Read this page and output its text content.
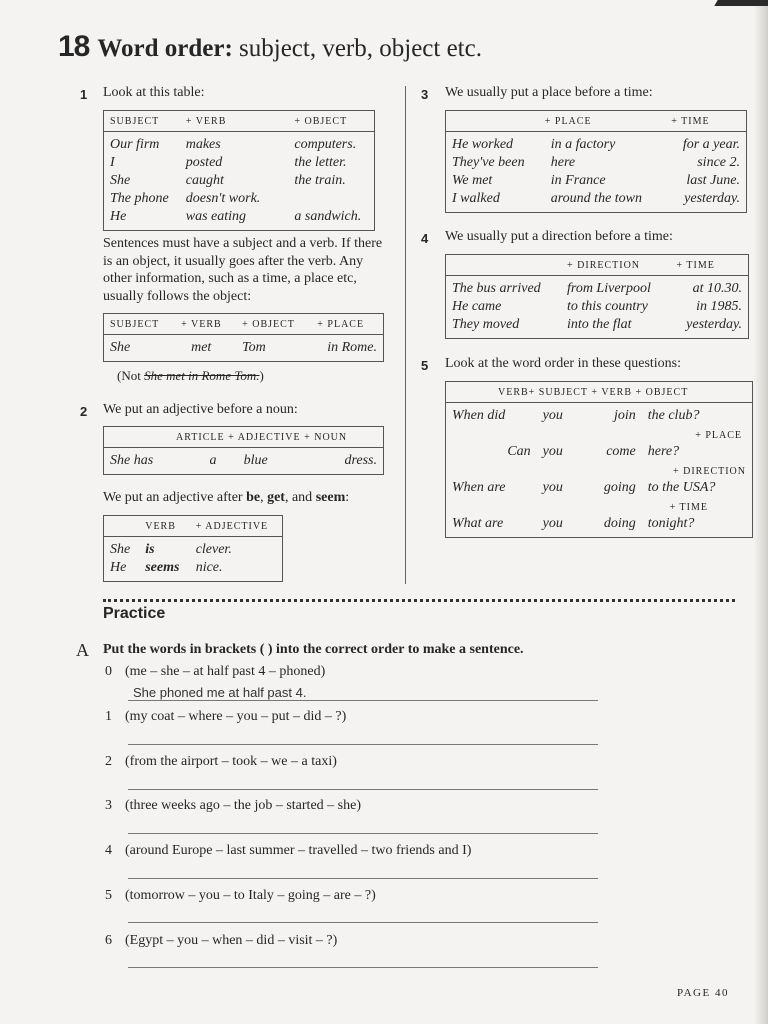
18 Word order: subject, verb, object etc.
1 Look at this table:
SUBJECT	+ VERB	+ OBJECT
Our firm	makes	computers.
I	posted	the letter.
She	caught	the train.
The phone	doesn't work.	
He	was eating	a sandwich.
Sentences must have a subject and a verb. If there is an object, it usually goes after the verb. Any other information, such as a time, a place etc, usually follows the object:

SUBJECT	+ VERB	+ OBJECT	+ PLACE
She	met	Tom	in Rome.
(Not She met in Rome Tom.)
2 We put an adjective before a noun:
ARTICLE + ADJECTIVE + NOUN
She has	a	blue	dress.
We put an adjective after be, get, and seem:
	VERB	+ ADJECTIVE
She	is	clever.
He	seems	nice.
3 We usually put a place before a time:
	+ PLACE	+ TIME
He worked	in a factory	for a year.
They've been	here	since 2.
We met	in France	last June.
I walked	around the town	yesterday.
4 We usually put a direction before a time:
	+ DIRECTION	+ TIME
The bus arrived	from Liverpool	at 10.30.
He came	to this country	in 1985.
They moved	into the flat	yesterday.
5 Look at the word order in these questions:
VERB+ SUBJECT + VERB + OBJECT			
When did	you	join	the club?
+ PLACE			
Can	you	come	here?
+ DIRECTION			
When are	you	going	to the USA?
+ TIME			
What are	you	doing	tonight?
Practice
A Put the words in brackets ( ) into the correct order to make a sentence.
0 (me – she – at half past 4 – phoned)
She phoned me at half past 4.
1 (my coat – where – you – put – did – ?)
2 (from the airport – took – we – a taxi)
3 (three weeks ago – the job – started – she)
4 (around Europe – last summer – travelled – two friends and I)
5 (tomorrow – you – to Italy – going – are – ?)
6 (Egypt – you – when – did – visit – ?)
PAGE 40
